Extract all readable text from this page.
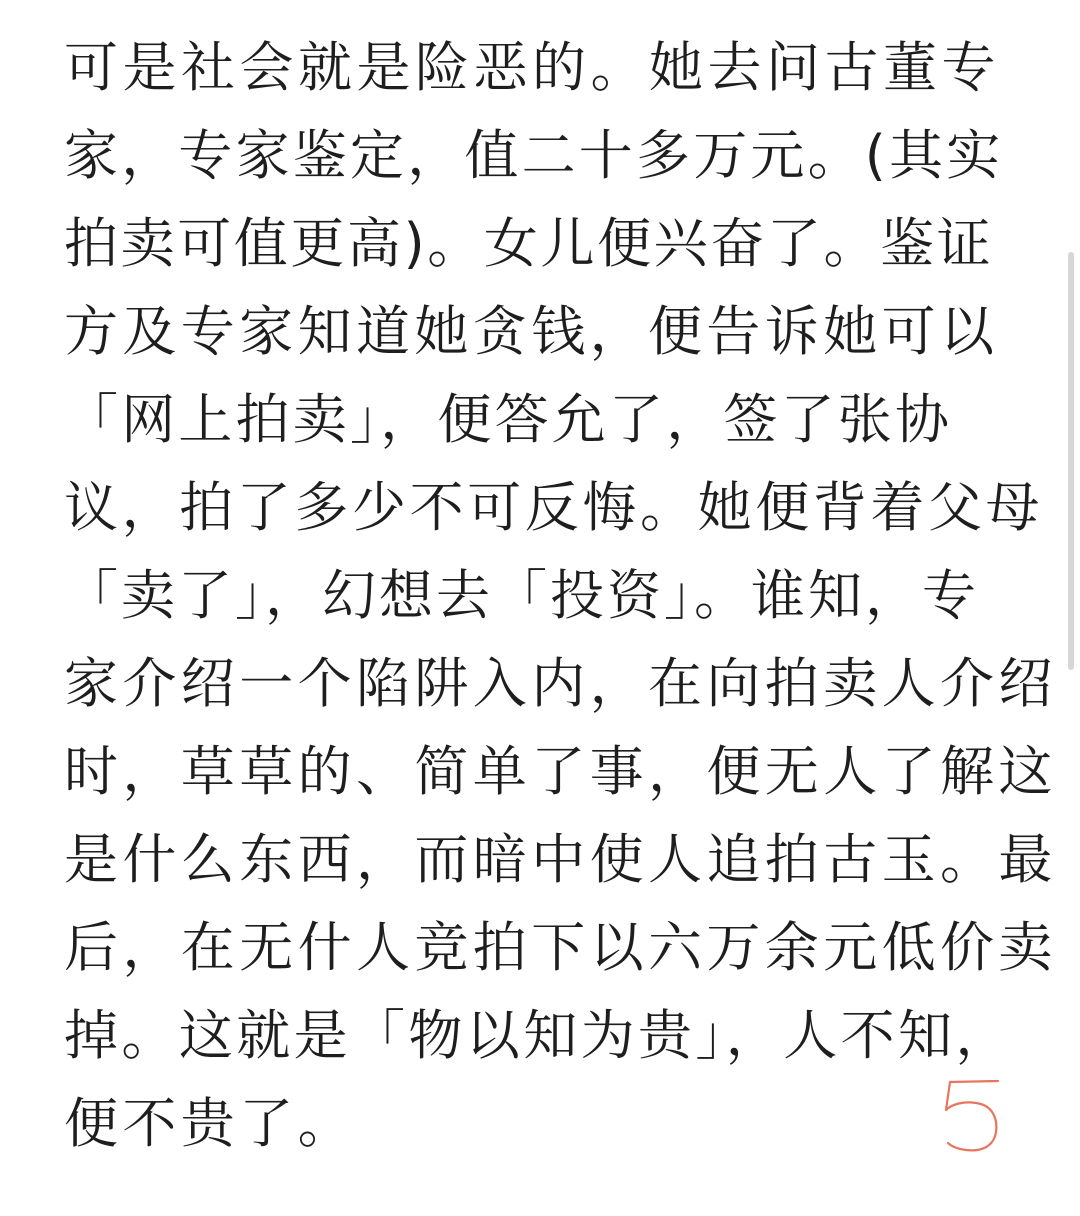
可是社会就是险恶的。她去问古董专
家，专家鉴定，值二十多万元。(其实
拍卖可值更高)。女儿便兴奋了。鉴证
方及专家知道她贪钱，便告诉她可以
「网上拍卖」，便答允了，签了张协
议，拍了多少不可反悔。她便背着父母
「卖了」，幻想去「投资」。谁知，专
家介绍一个陷阱入内，在向拍卖人介绍
时，草草的、简单了事，便无人了解这
是什么东西，而暗中使人追拍古玉。最
后，在无什人竞拍下以六万余元低价卖
掉。这就是「物以知为贵」，人不知，
便不贵了。
